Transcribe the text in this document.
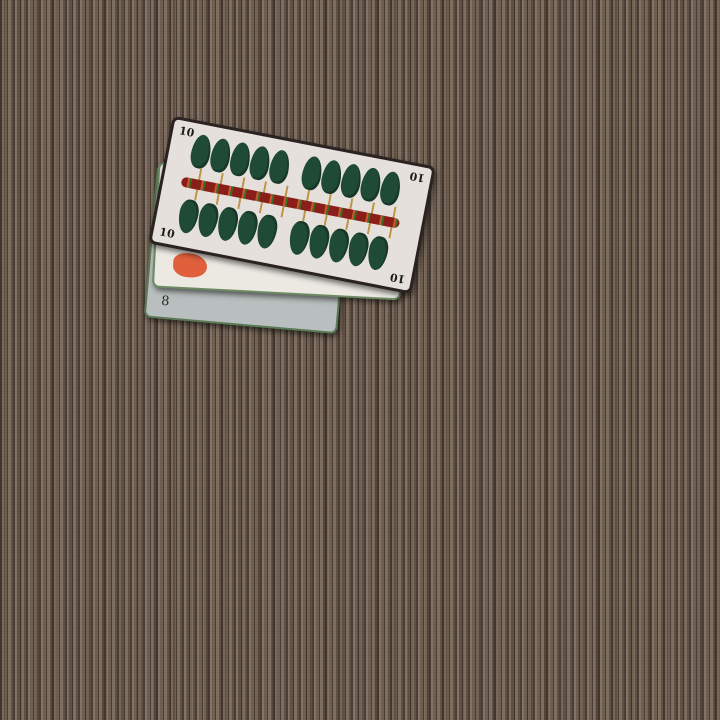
8
10
10
10
10
